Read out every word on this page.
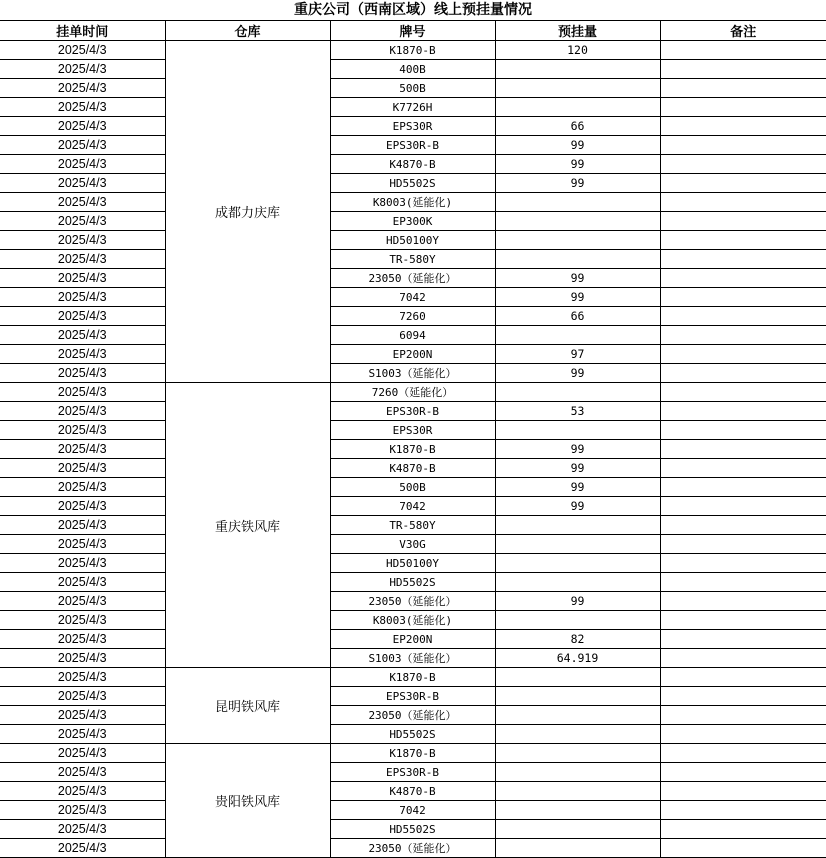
重庆公司（西南区域）线上预挂量情况
挂单时间	仓库	牌号	预挂量	备注
2025/4/3	成都力庆库	K1870-B	120	
2025/4/3		400B		
2025/4/3		500B		
2025/4/3		K7726H		
2025/4/3		EPS30R	66	
2025/4/3		EPS30R-B	99	
2025/4/3		K4870-B	99	
2025/4/3		HD5502S	99	
2025/4/3		K8003(延能化)		
2025/4/3		EP300K		
2025/4/3		HD50100Y		
2025/4/3		TR-580Y		
2025/4/3		23050（延能化）	99	
2025/4/3		7042	99	
2025/4/3		7260	66	
2025/4/3		6094		
2025/4/3		EP200N	97	
2025/4/3		S1003（延能化）	99	
2025/4/3	重庆铁风库	7260（延能化）		
2025/4/3		EPS30R-B	53	
2025/4/3		EPS30R		
2025/4/3		K1870-B	99	
2025/4/3		K4870-B	99	
2025/4/3		500B	99	
2025/4/3		7042	99	
2025/4/3		TR-580Y		
2025/4/3		V30G		
2025/4/3		HD50100Y		
2025/4/3		HD5502S		
2025/4/3		23050（延能化）	99	
2025/4/3		K8003(延能化)		
2025/4/3		EP200N	82	
2025/4/3		S1003（延能化）	64.919	
2025/4/3	昆明铁风库	K1870-B		
2025/4/3		EPS30R-B		
2025/4/3		23050（延能化）		
2025/4/3		HD5502S		
2025/4/3	贵阳铁风库	K1870-B		
2025/4/3		EPS30R-B		
2025/4/3		K4870-B		
2025/4/3		7042		
2025/4/3		HD5502S		
2025/4/3		23050（延能化）		
